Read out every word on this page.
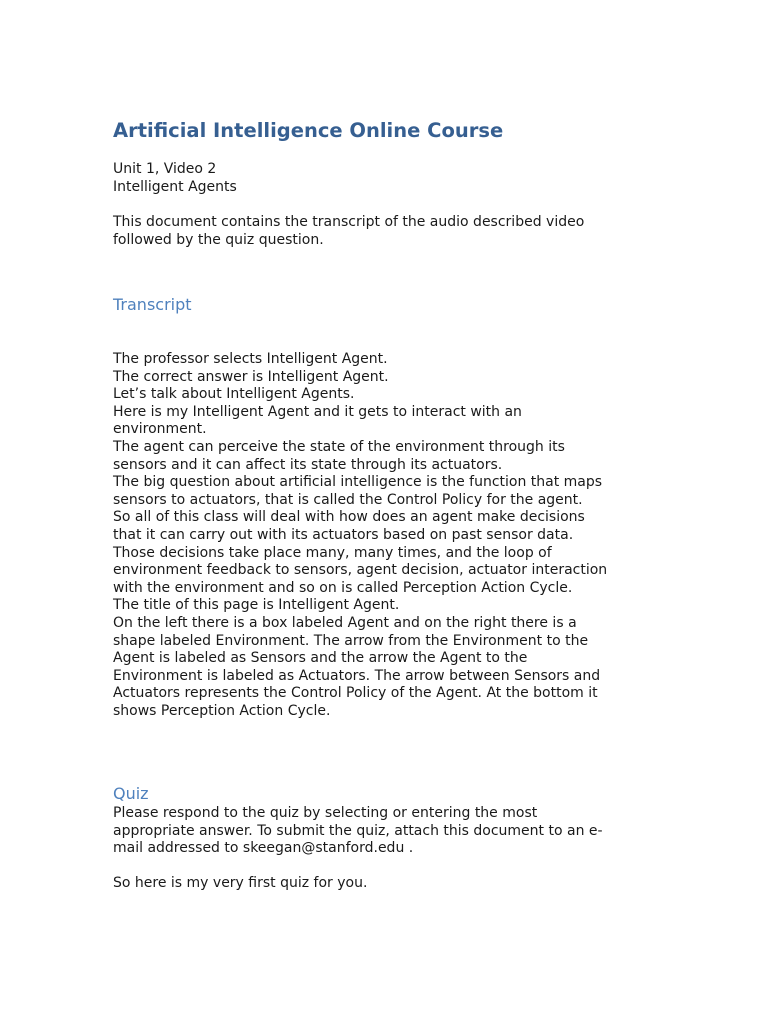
Artificial Intelligence Online Course
Unit 1, Video 2
Intelligent Agents
This document contains the transcript of the audio described video
followed by the quiz question.
Transcript
The professor selects Intelligent Agent.
The correct answer is Intelligent Agent.
Let’s talk about Intelligent Agents.
Here is my Intelligent Agent and it gets to interact with an
environment.
The agent can perceive the state of the environment through its
sensors and it can affect its state through its actuators.
The big question about artificial intelligence is the function that maps
sensors to actuators, that is called the Control Policy for the agent.
So all of this class will deal with how does an agent make decisions
that it can carry out with its actuators based on past sensor data.
Those decisions take place many, many times, and the loop of
environment feedback to sensors, agent decision, actuator interaction
with the environment and so on is called Perception Action Cycle.
The title of this page is Intelligent Agent.
On the left there is a box labeled Agent and on the right there is a
shape labeled Environment. The arrow from the Environment to the
Agent is labeled as Sensors and the arrow the Agent to the
Environment is labeled as Actuators. The arrow between Sensors and
Actuators represents the Control Policy of the Agent. At the bottom it
shows Perception Action Cycle.
Quiz
Please respond to the quiz by selecting or entering the most
appropriate answer. To submit the quiz, attach this document to an e-
mail addressed to skeegan@stanford.edu .
So here is my very first quiz for you.
